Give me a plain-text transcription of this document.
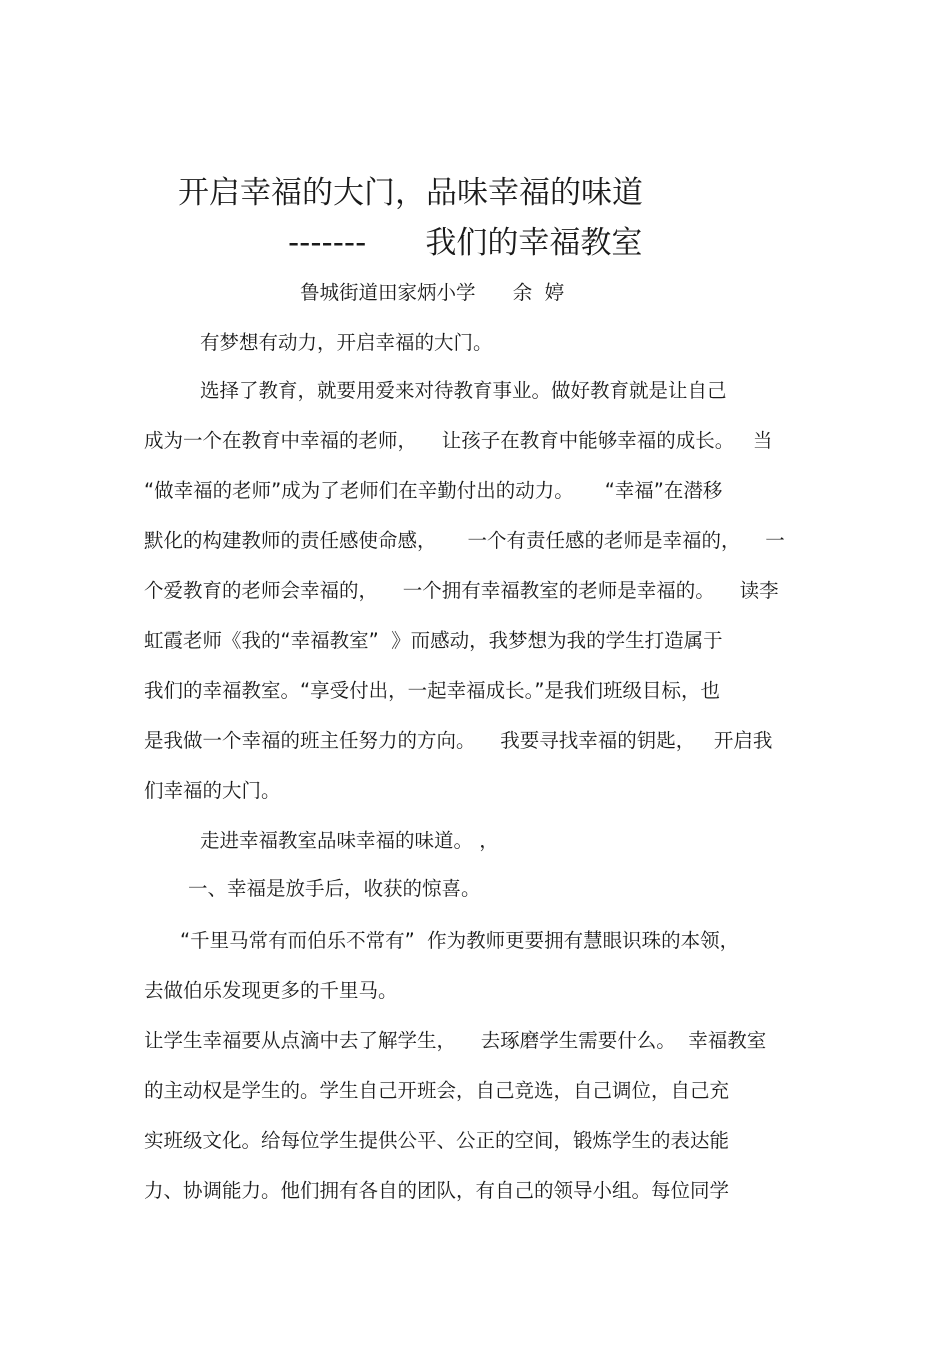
开启幸福的大门，品味幸福的味道
-------      我们的幸福教室

鲁城街道田家炳小学      余  婷

有梦想有动力，开启幸福的大门。

选择了教育，就要用爱来对待教育事业。做好教育就是让自己

成为一个在教育中幸福的老师，    让孩子在教育中能够幸福的成长。   当

“做幸福的老师”成为了老师们在辛勤付出的动力。     “幸福”在潜移

默化的构建教师的责任感使命感，     一个有责任感的老师是幸福的，    一

个爱教育的老师会幸福的，    一个拥有幸福教室的老师是幸福的。    读李

虹霞老师《我的“幸福教室”  》而感动，我梦想为我的学生打造属于

我们的幸福教室。“享受付出，一起幸福成长。”是我们班级目标，也

是我做一个幸福的班主任努力的方向。    我要寻找幸福的钥匙，   开启我

们幸福的大门。

走进幸福教室品味幸福的味道。 ，

一、幸福是放手后，收获的惊喜。

“千里马常有而伯乐不常有”  作为教师更要拥有慧眼识珠的本领，

去做伯乐发现更多的千里马。

让学生幸福要从点滴中去了解学生，    去琢磨学生需要什么。  幸福教室

的主动权是学生的。学生自己开班会，自己竞选，自己调位，自己充

实班级文化。给每位学生提供公平、公正的空间，锻炼学生的表达能

力、协调能力。他们拥有各自的团队，有自己的领导小组。每位同学
